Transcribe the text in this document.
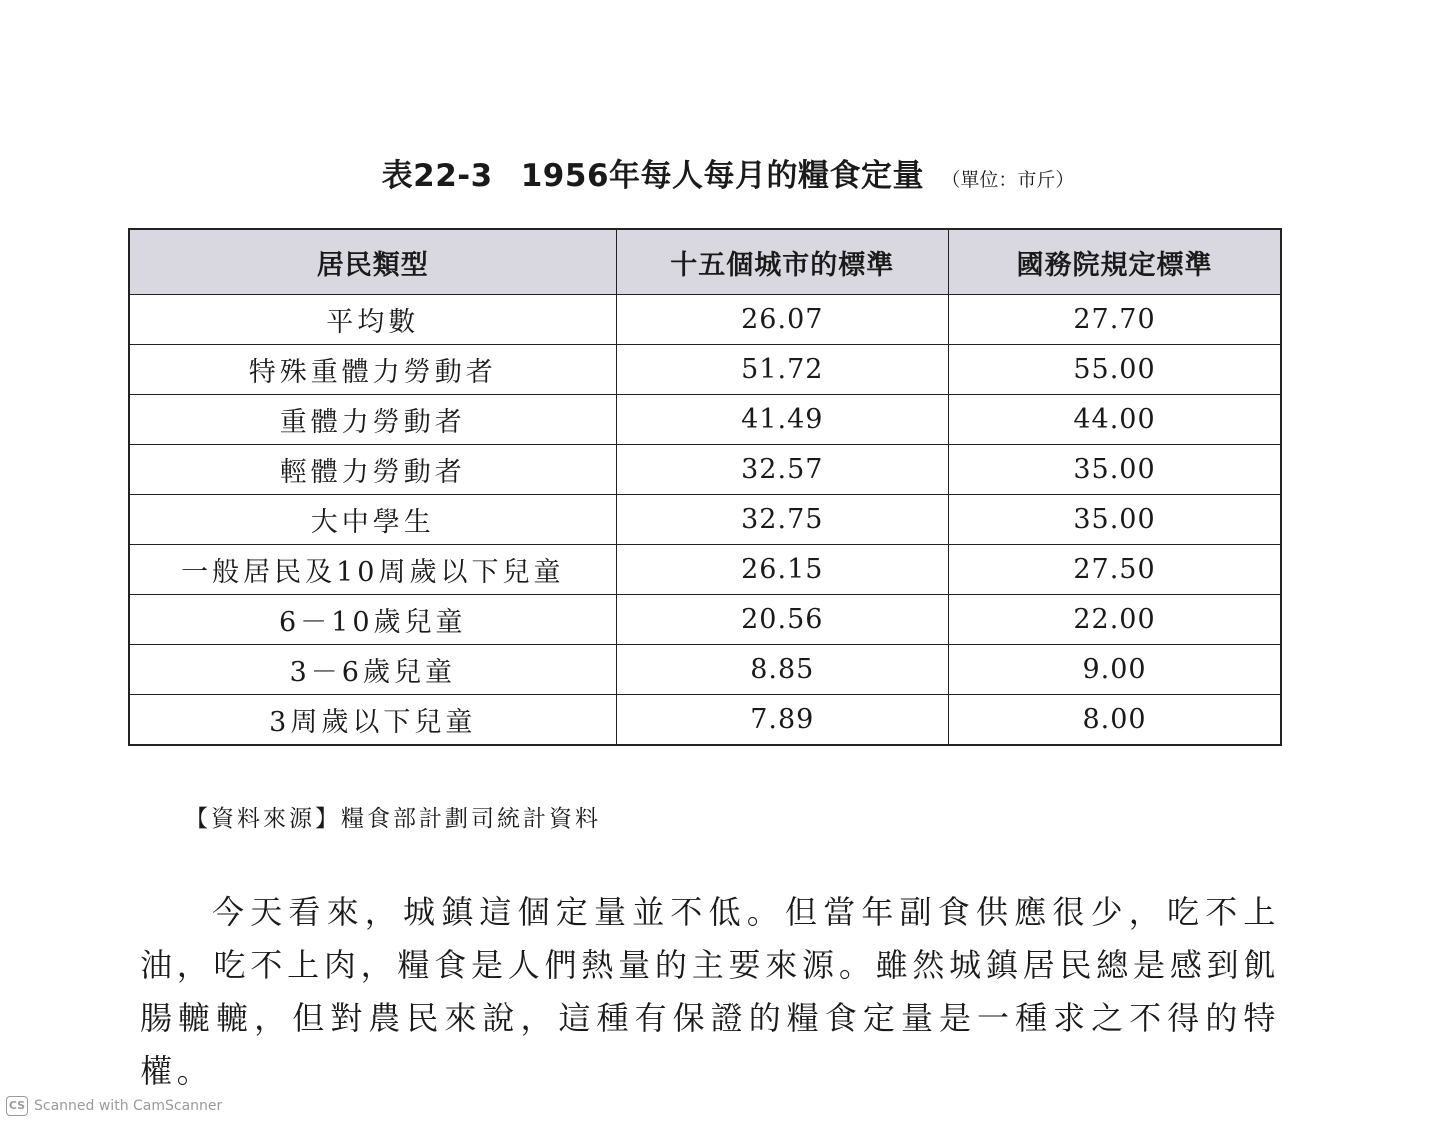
表22-3 1956年每人每月的糧食定量 （單位：市斤）
居民類型	十五個城市的標準	國務院規定標準
平均數	26.07	27.70
特殊重體力勞動者	51.72	55.00
重體力勞動者	41.49	44.00
輕體力勞動者	32.57	35.00
大中學生	32.75	35.00
一般居民及10周歲以下兒童	26.15	27.50
6－10歲兒童	20.56	22.00
3－6歲兒童	8.85	9.00
3周歲以下兒童	7.89	8.00
【資料來源】糧食部計劃司統計資料

今天看來，城鎮這個定量並不低。但當年副食供應很少，吃不上油，吃不上肉，糧食是人們熱量的主要來源。雖然城鎮居民總是感到飢腸轆轆，但對農民來說，這種有保證的糧食定量是一種求之不得的特權。

CS Scanned with CamScanner
